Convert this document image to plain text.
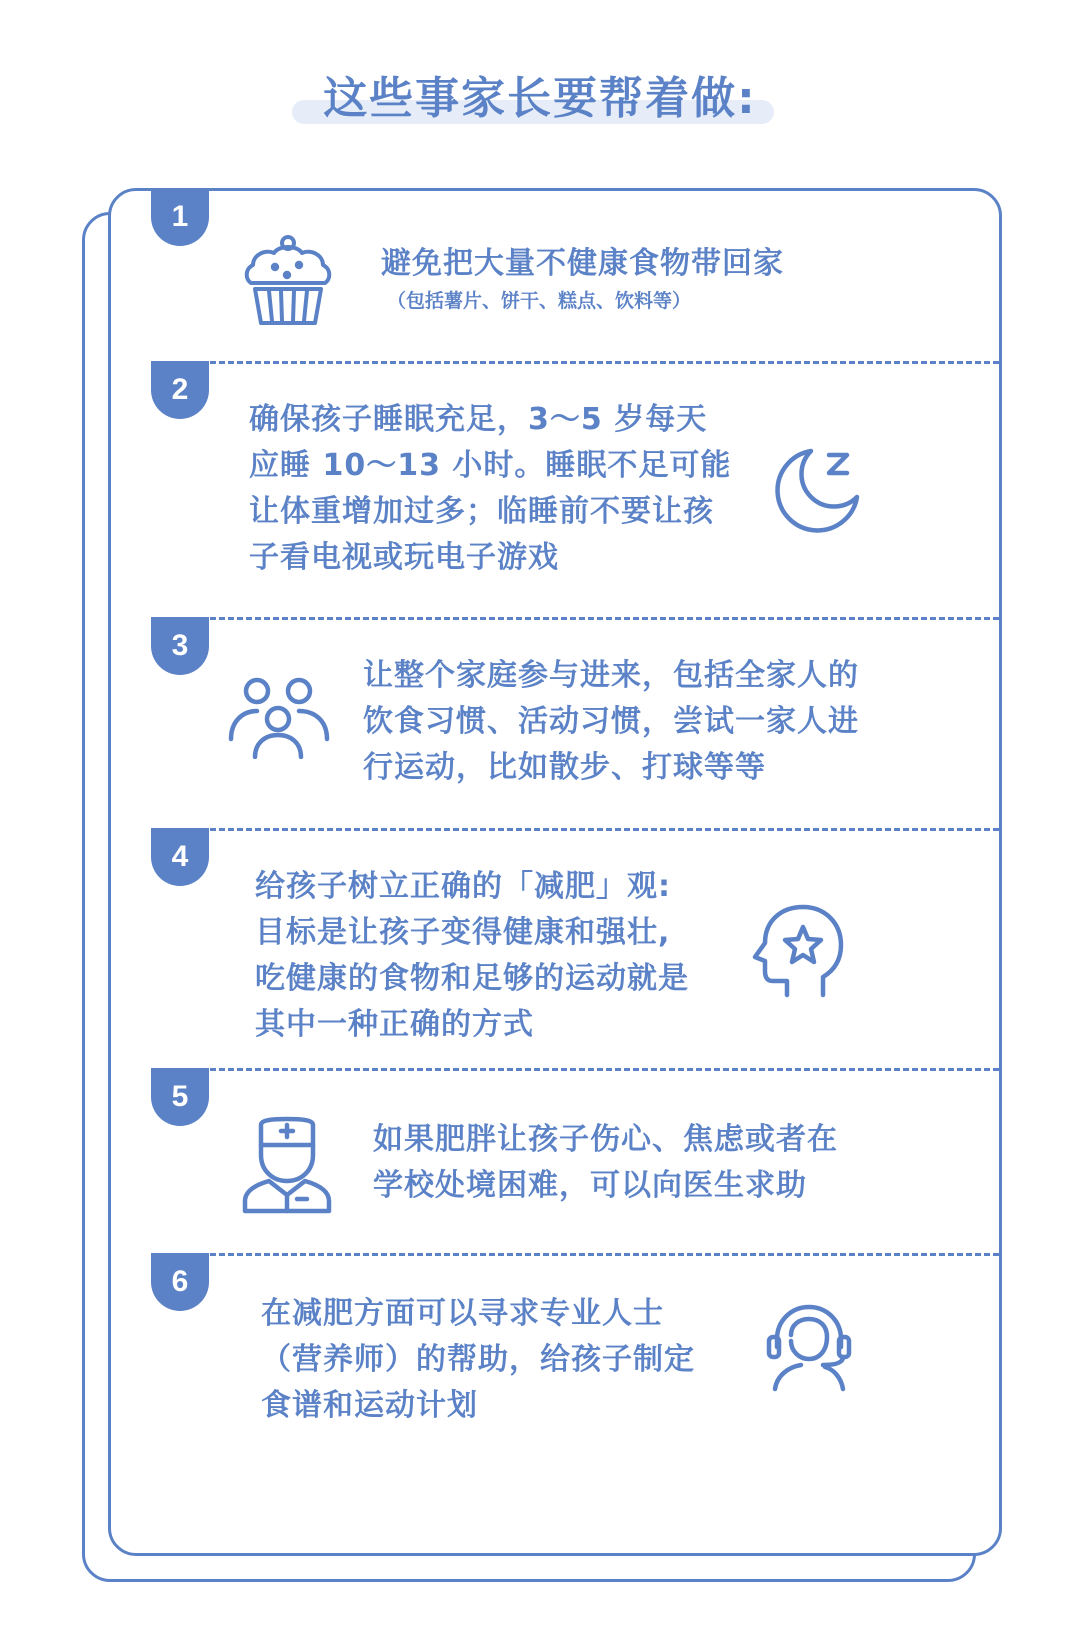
这些事家长要帮着做:
1
避免把大量不健康食物带回家
（包括薯片、饼干、糕点、饮料等）
2
确保孩子睡眠充足，3～5 岁每天
应睡 10～13 小时。睡眠不足可能
让体重增加过多；临睡前不要让孩
子看电视或玩电子游戏
3
让整个家庭参与进来，包括全家人的
饮食习惯、活动习惯，尝试一家人进
行运动，比如散步、打球等等
4
给孩子树立正确的「减肥」观:
目标是让孩子变得健康和强壮,
吃健康的食物和足够的运动就是
其中一种正确的方式
5
如果肥胖让孩子伤心、焦虑或者在
学校处境困难，可以向医生求助
6
在减肥方面可以寻求专业人士
（营养师）的帮助，给孩子制定
食谱和运动计划
